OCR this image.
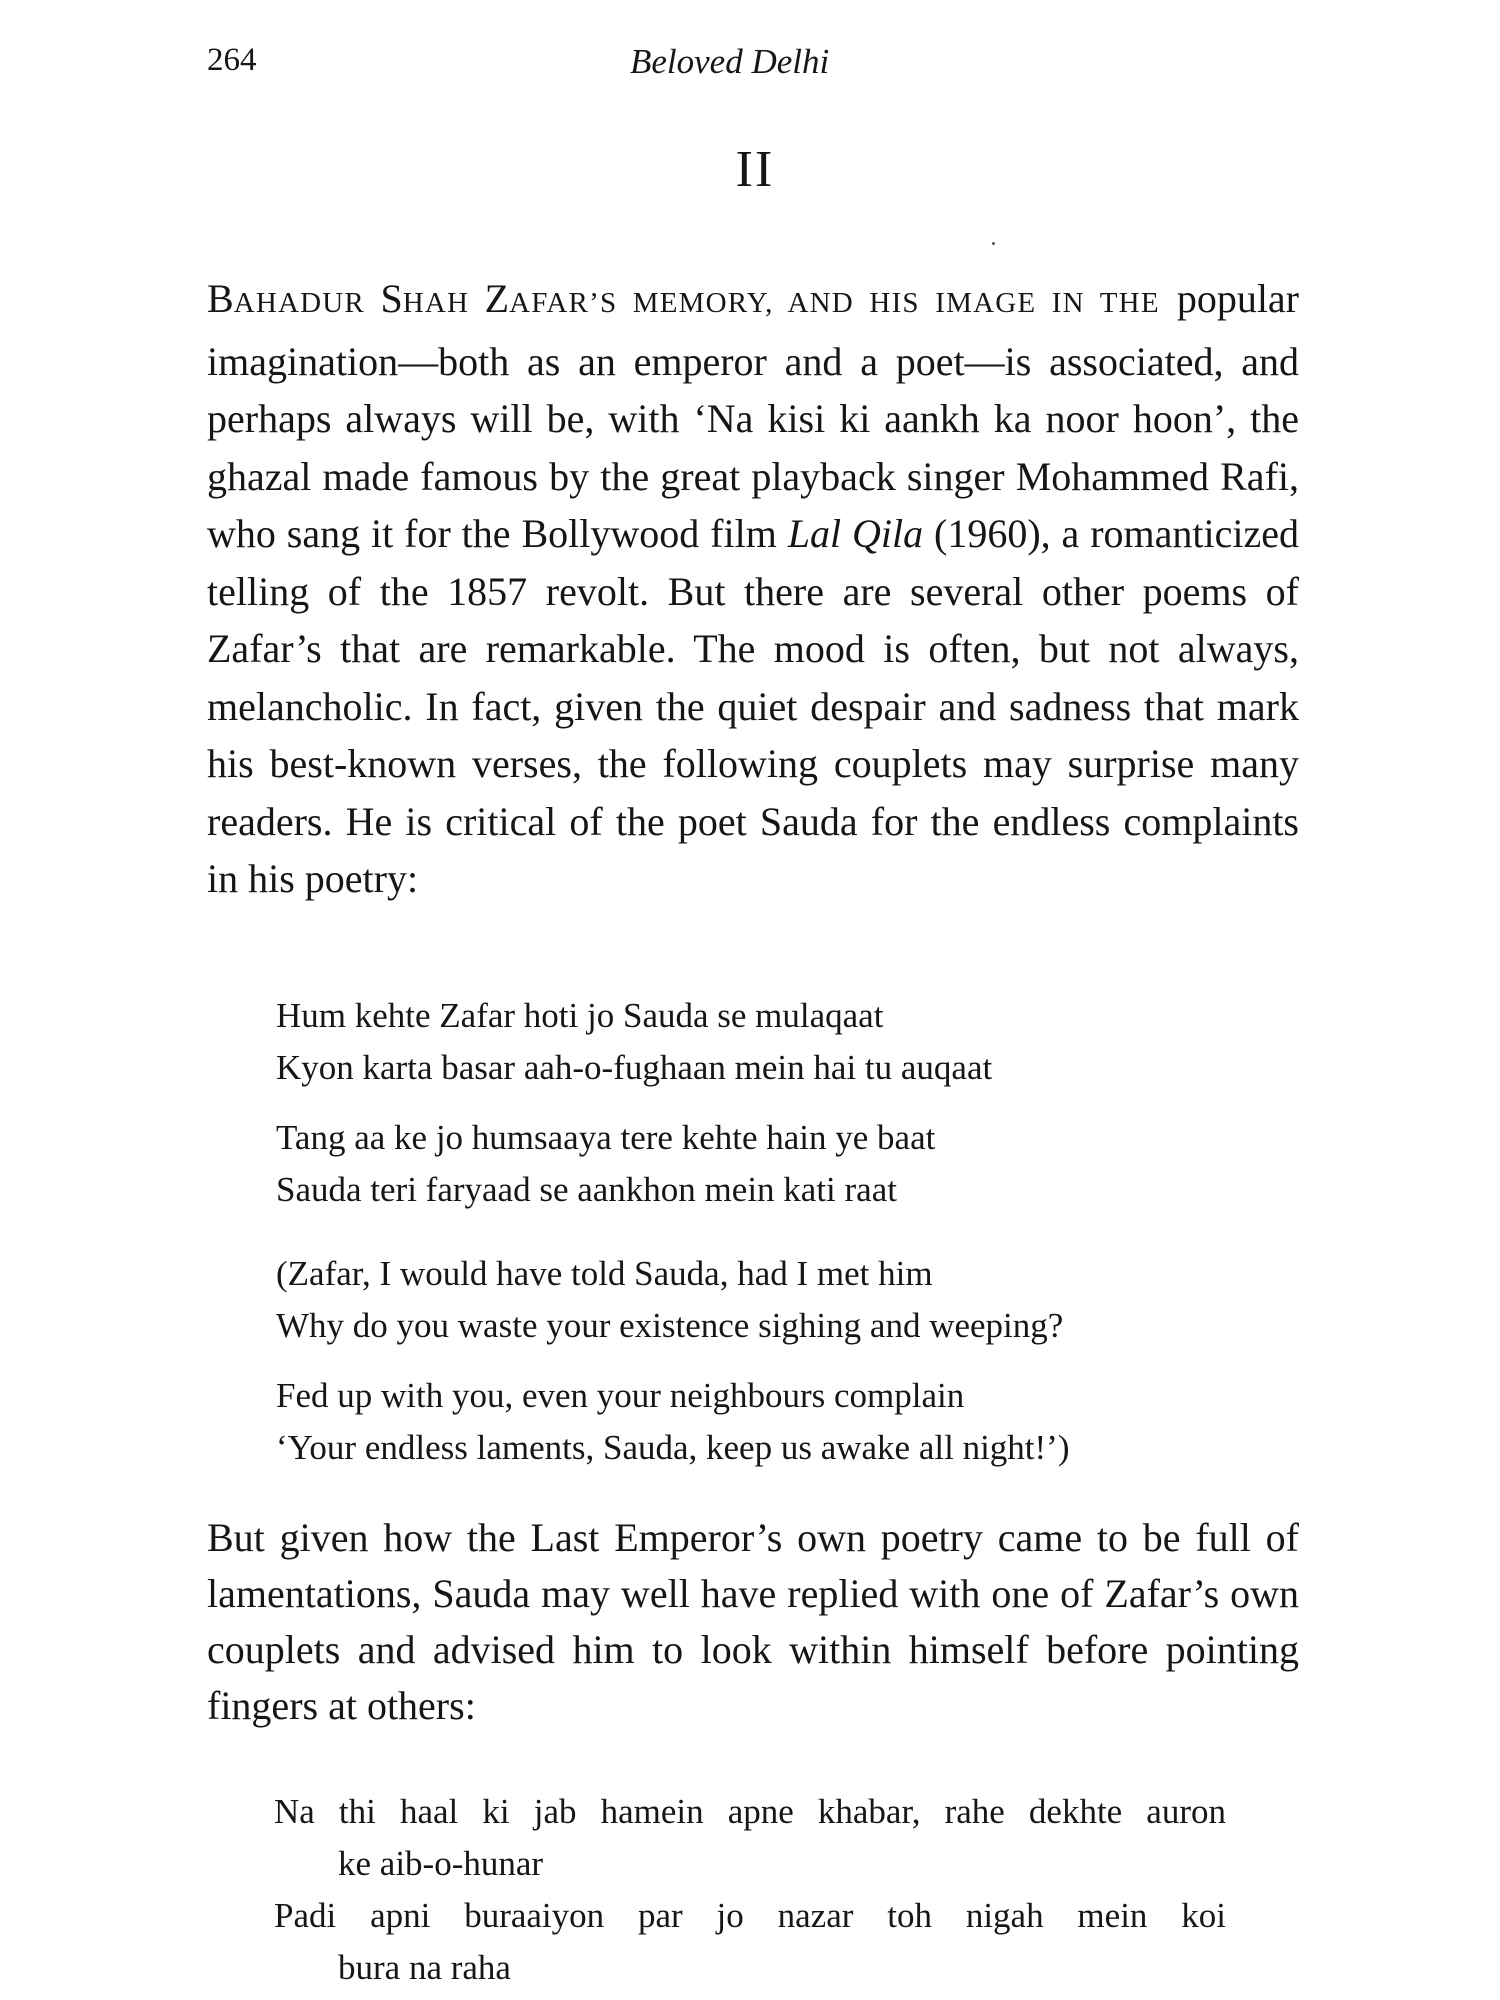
264	Beloved Delhi
II
BAHADUR SHAH ZAFAR’S MEMORY, AND HIS IMAGE IN THE popular imagination—both as an emperor and a poet—is associated, and perhaps always will be, with ‘Na kisi ki aankh ka noor hoon’, the ghazal made famous by the great playback singer Mohammed Rafi, who sang it for the Bollywood film Lal Qila (1960), a romanticized telling of the 1857 revolt. But there are several other poems of Zafar’s that are remarkable. The mood is often, but not always, melancholic. In fact, given the quiet despair and sadness that mark his best-known verses, the following couplets may surprise many readers. He is critical of the poet Sauda for the endless complaints in his poetry:
Hum kehte Zafar hoti jo Sauda se mulaqaat
Kyon karta basar aah-o-fughaan mein hai tu auqaat
Tang aa ke jo humsaaya tere kehte hain ye baat
Sauda teri faryaad se aankhon mein kati raat
(Zafar, I would have told Sauda, had I met him
Why do you waste your existence sighing and weeping?
Fed up with you, even your neighbours complain
‘Your endless laments, Sauda, keep us awake all night!’)
But given how the Last Emperor’s own poetry came to be full of lamentations, Sauda may well have replied with one of Zafar’s own couplets and advised him to look within himself before pointing fingers at others:
Na thi haal ki jab hamein apne khabar, rahe dekhte auron
ke aib-o-hunar
Padi apni buraaiyon par jo nazar toh nigah mein koi
bura na raha
